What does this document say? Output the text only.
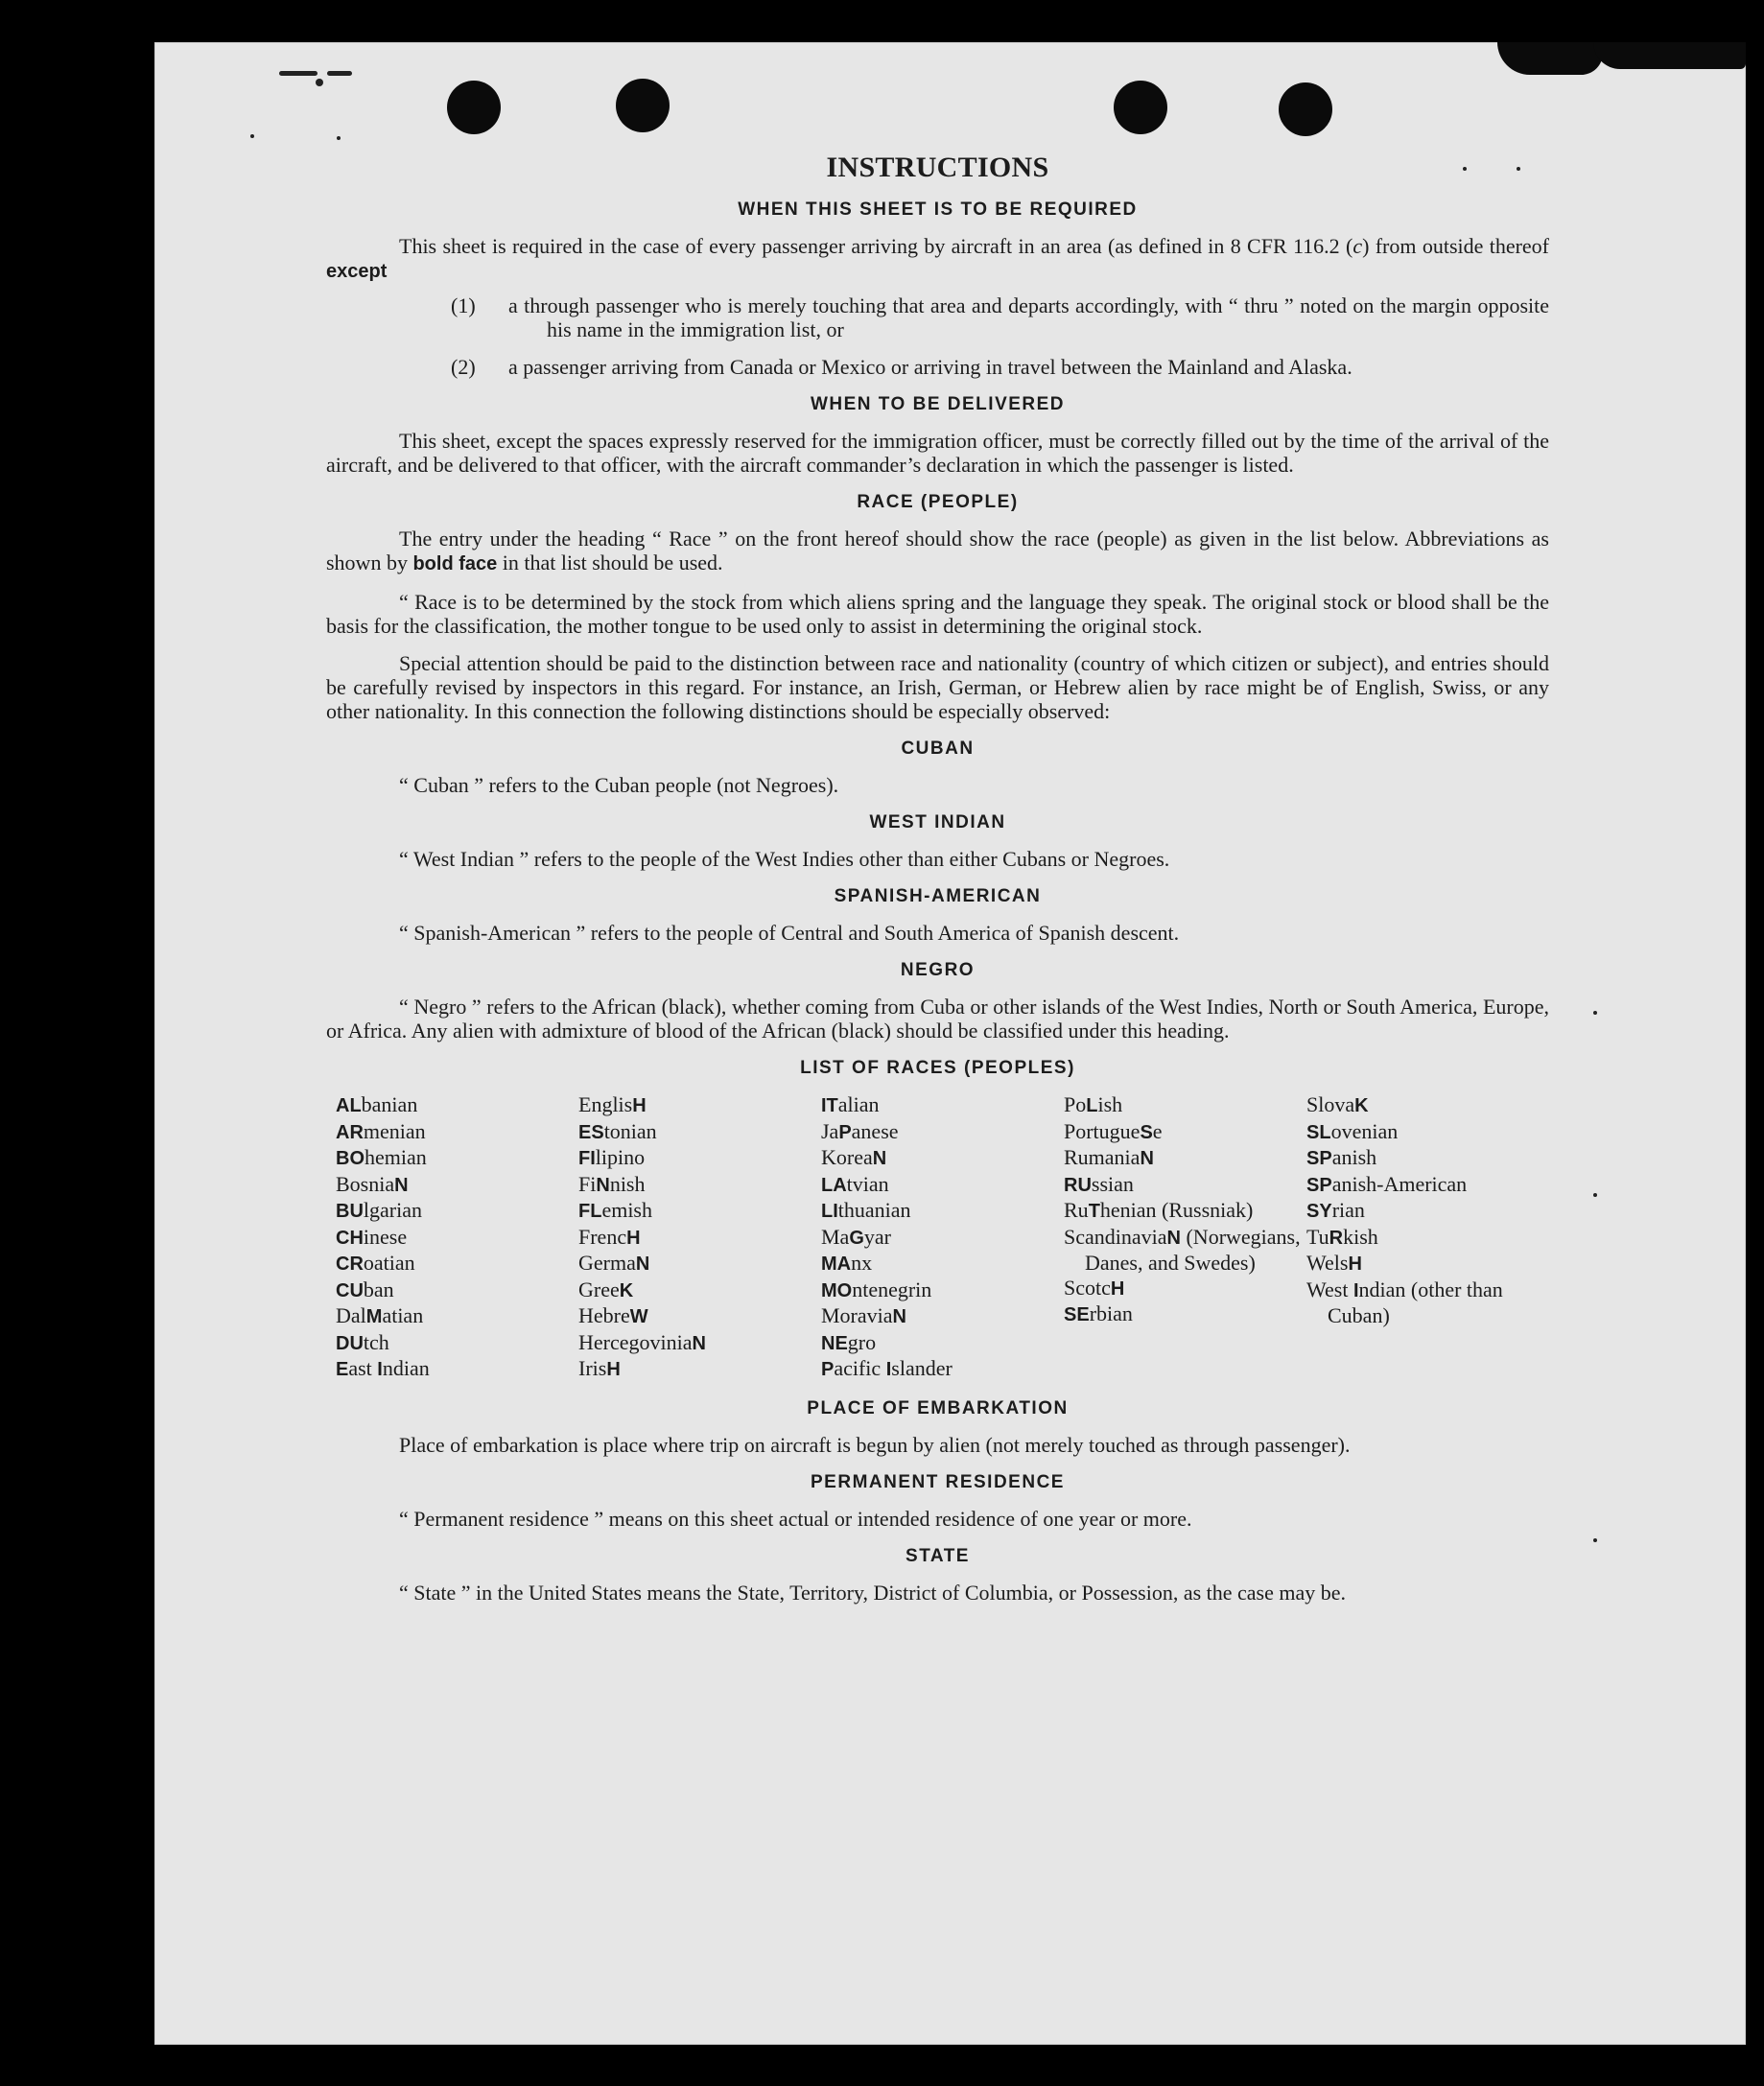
INSTRUCTIONS
WHEN THIS SHEET IS TO BE REQUIRED

This sheet is required in the case of every passenger arriving by aircraft in an area (as defined in 8 CFR 116.2 (c) from outside thereof except

(1)	a through passenger who is merely touching that area and departs accordingly, with “ thru ” noted on the margin opposite his name in the immigration list, or
(2)	a passenger arriving from Canada or Mexico or arriving in travel between the Mainland and Alaska.
WHEN TO BE DELIVERED

This sheet, except the spaces expressly reserved for the immigration officer, must be correctly filled out by the time of the arrival of the aircraft, and be delivered to that officer, with the aircraft commander’s declaration in which the passenger is listed.

RACE (PEOPLE)

The entry under the heading “ Race ” on the front hereof should show the race (people) as given in the list below. Abbreviations as shown by bold face in that list should be used.

“ Race is to be determined by the stock from which aliens spring and the language they speak. The original stock or blood shall be the basis for the classification, the mother tongue to be used only to assist in determining the original stock.

Special attention should be paid to the distinction between race and nationality (country of which citizen or subject), and entries should be carefully revised by inspectors in this regard. For instance, an Irish, German, or Hebrew alien by race might be of English, Swiss, or any other nationality. In this connection the following distinctions should be especially observed:

CUBAN

“ Cuban ” refers to the Cuban people (not Negroes).

WEST INDIAN

“ West Indian ” refers to the people of the West Indies other than either Cubans or Negroes.

SPANISH-AMERICAN

“ Spanish-American ” refers to the people of Central and South America of Spanish descent.

NEGRO

“ Negro ” refers to the African (black), whether coming from Cuba or other islands of the West Indies, North or South America, Europe, or Africa. Any alien with admixture of blood of the African (black) should be classified under this heading.

LIST OF RACES (PEOPLES)
ALbanian
ARmenian
BOhemian
BosniaN
BUlgarian
CHinese
CRoatian
CUban
DalMatian
DUtch
East Indian
EnglisH
EStonian
FIlipino
FiNnish
FLemish
FrencH
GermaN
GreeK
HebreW
HercegoviniaN
IrisH
ITalian
JaPanese
KoreaN
LAtvian
LIthuanian
MaGyar
MAnx
MOntenegrin
MoraviaN
NEgro
Pacific Islander
PoLish
PortugueSe
RumaniaN
RUssian
RuThenian (Russniak)
ScandinaviaN (Norwegians, Danes, and Swedes)
ScotcH
SErbian
SlovaK
SLovenian
SPanish
SPanish-American
SYrian
TuRkish
WelsH
West Indian (other than Cuban)
PLACE OF EMBARKATION

Place of embarkation is place where trip on aircraft is begun by alien (not merely touched as through passenger).

PERMANENT RESIDENCE

“ Permanent residence ” means on this sheet actual or intended residence of one year or more.

STATE

“ State ” in the United States means the State, Territory, District of Columbia, or Possession, as the case may be.
